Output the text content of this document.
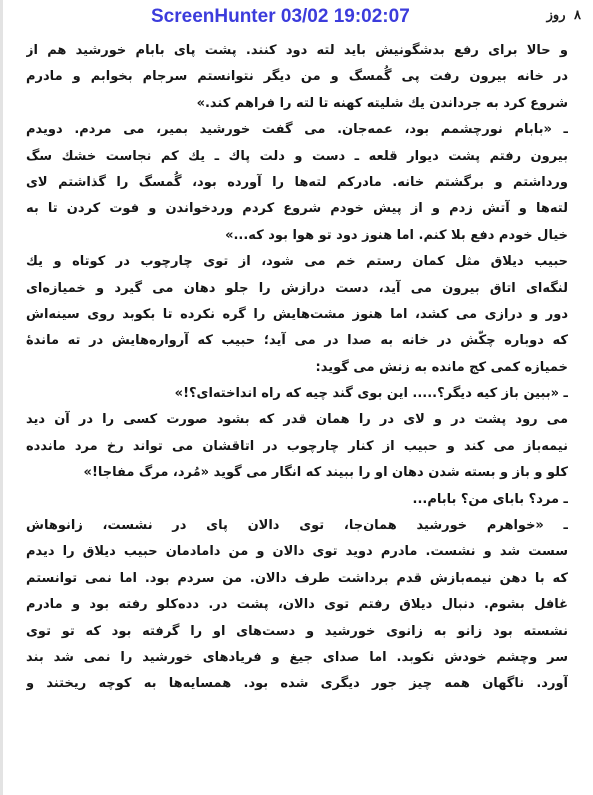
ScreenHunter 03/02 19:02:07	۸ روز
و حالا برای رفع بدشگونیش باید لته دود کنند. پشت پای بابام خورشید هم از
در خانه بیرون رفت پی گُمسگ و من دیگر نتوانستم سرجام بخوابم و مادرم
شروع کرد به جرداندن یك شلیته کهنه تا لته را فراهم کند.»
ـ «بابام نورچشمم بود، عمه‌جان. می گفت خورشید بمیر، می مردم. دویدم
بیرون رفتم پشت دیوار قلعه ـ دست و دلت پاك ـ یك کم نجاست خشك سگ
ورداشتم و برگشتم خانه. مادرکم لته‌ها را آورده بود، گُمسگ را گذاشتم لای
لته‌ها و آتش زدم و از پیش خودم شروع کردم وردخواندن و فوت کردن تا به
خیال خودم دفع بلا کنم. اما هنوز دود تو هوا بود که...»
حبیب دیلاق مثل کمان رستم خم می شود، از توی چارچوب در کوتاه و یك
لنگه‌ای اتاق بیرون می آید، دست درازش را جلو دهان می گیرد و خمیازه‌ای
دور و درازی می کشد، اما هنوز مشت‌هایش را گره نکرده تا بکوبد روی سینه‌اش
که دوباره چکّش در خانه به صدا در می آید؛ حبیب که آرواره‌هایش در ته ماندۀ
خمیازه کمی کج مانده به زنش می گوید:
ـ «ببین باز کیه دیگر؟..... این بوی گند چیه که راه انداخته‌ای؟!»
می رود پشت در و لای در را همان قدر که بشود صورت کسی را در آن دید
نیمه‌باز می کند و حبیب از کنار چارچوب در اتاقشان می تواند رخ مرد ماندده
کلو و باز و بسته شدن دهان او را ببیند که انگار می گوید «مُرد، مرگ مفاجا!»
ـ مرد؟ بابای من؟ بابام...
ـ «خواهرم خورشید همان‌جا، توی دالان پای در نشست، زانوهاش
سست شد و نشست. مادرم دوید توی دالان و من دامادمان حبیب دیلاق را دیدم
که با دهن نیمه‌بازش قدم برداشت طرف دالان. من سردم بود. اما نمی توانستم
غافل بشوم. دنبال دیلاق رفتم توی دالان، پشت در. دده‌کلو رفته بود و مادرم
نشسته بود زانو به زانوی خورشید و دست‌های او را گرفته بود که تو توی
سر وچشم خودش نکوبد. اما صدای جیغ و فریادهای خورشید را نمی شد بند
آورد. ناگهان همه چیز جور دیگری شده بود. همسایه‌ها به کوچه ریختند و
